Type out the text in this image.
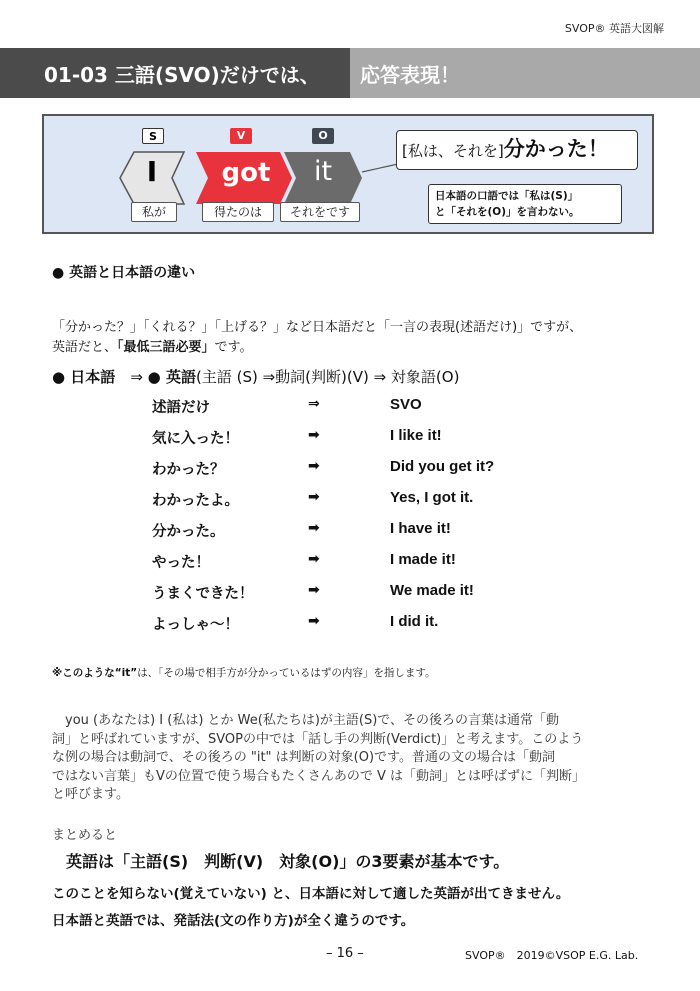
SVOP® 英語大図解
01-03 三語(SVO)だけでは、	応答表現！
S	V	O
I	got	it
私が	得たのは	それをです
[私は、それを]分かった！
日本語の口語では「私は(S)」
と「それを(O)」を言わない。
● 英語と日本語の違い
「分かった？」「くれる？」「上げる？」など日本語だと「一言の表現(述語だけ)」ですが、
英語だと、「最低三語必要」です。
● 日本語　⇒ ● 英語(主語 (S) ⇒動詞(判断)(V) ⇒ 対象語(O)
述語だけ	⇒	SVO
気に入った！	➡	I like it!
わかった？	➡	Did you get it?
わかったよ。	➡	Yes, I got it.
分かった。	➡	I have it!
やった！	➡	I made it!
うまくできた！	➡	We made it!
よっしゃ～！	➡	I did it.
※このような“it”は、「その場で相手方が分かっているはずの内容」を指します。
　you (あなたは) I (私は) とか We(私たちは)が主語(S)で、その後ろの言葉は通常「動
詞」と呼ばれていますが、SVOPの中では「話し手の判断(Verdict)」と考えます。このよう
な例の場合は動詞で、その後ろの "it" は判断の対象(O)です。普通の文の場合は「動詞
ではない言葉」もVの位置で使う場合もたくさんあので V は「動詞」とは呼ばずに「判断」
と呼びます。
まとめると
英語は「主語(S)　判断(V)　対象(O)」の3要素が基本です。
このことを知らない(覚えていない) と、日本語に対して適した英語が出てきません。
日本語と英語では、発話法(文の作り方)が全く違うのです。
– 16 –	SVOP®　2019©VSOP E.G. Lab.
